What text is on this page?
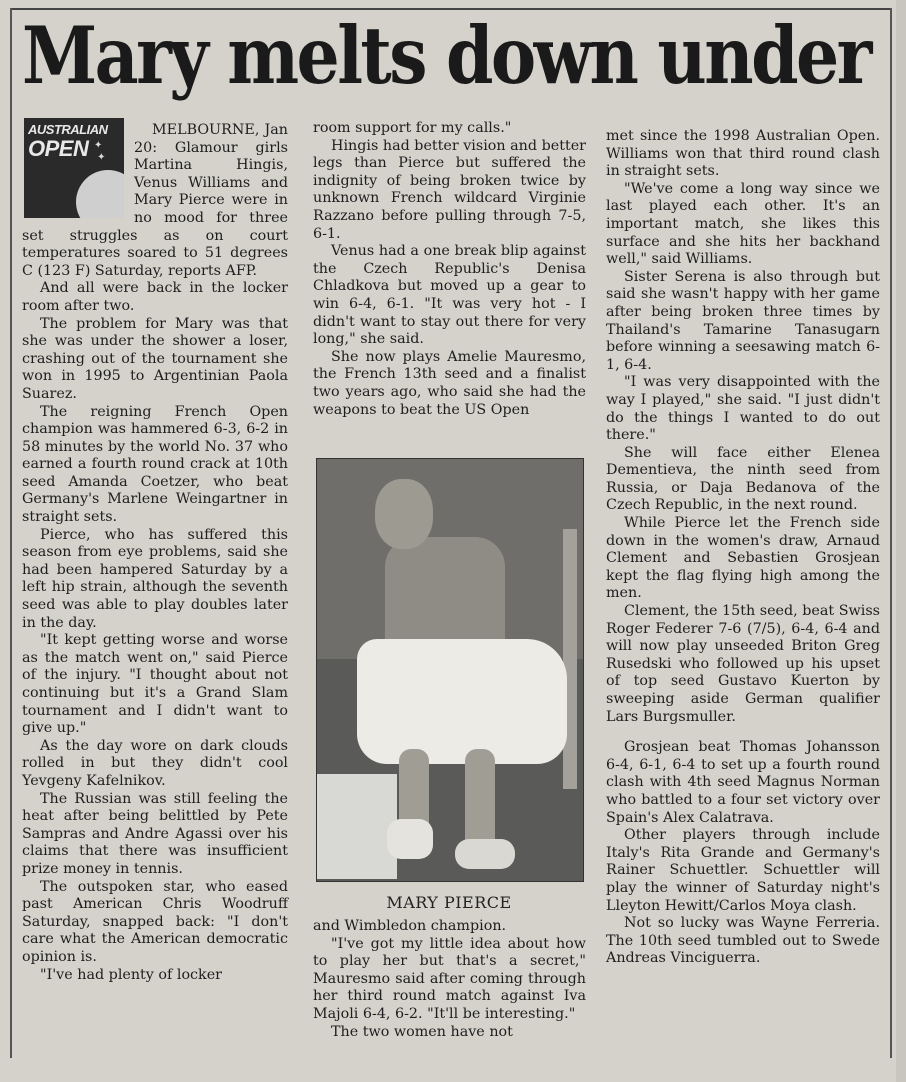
Mary melts down under
AUSTRALIAN
OPEN ✦
✦

MELBOURNE, Jan 20: Glamour girls Martina Hingis, Venus Williams and Mary Pierce were in no mood for three set struggles as on court temperatures soared to 51 degrees C (123 F) Saturday, reports AFP.

And all were back in the locker room after two.

The problem for Mary was that she was under the shower a loser, crashing out of the tournament she won in 1995 to Argentinian Paola Suarez.

The reigning French Open champion was hammered 6-3, 6-2 in 58 minutes by the world No. 37 who earned a fourth round crack at 10th seed Amanda Coetzer, who beat Germany's Marlene Weingartner in straight sets.

Pierce, who has suffered this season from eye problems, said she had been hampered Saturday by a left hip strain, although the seventh seed was able to play doubles later in the day.

"It kept getting worse and worse as the match went on," said Pierce of the injury. "I thought about not continuing but it's a Grand Slam tournament and I didn't want to give up."

As the day wore on dark clouds rolled in but they didn't cool Yevgeny Kafelnikov.

The Russian was still feeling the heat after being belittled by Pete Sampras and Andre Agassi over his claims that there was insufficient prize money in tennis.

The outspoken star, who eased past American Chris Woodruff Saturday, snapped back: "I don't care what the American democratic opinion is.

"I've had plenty of locker

room support for my calls."

Hingis had better vision and better legs than Pierce but suffered the indignity of being broken twice by unknown French wildcard Virginie Razzano before pulling through 7-5, 6-1.

Venus had a one break blip against the Czech Republic's Denisa Chladkova but moved up a gear to win 6-4, 6-1. "It was very hot - I didn't want to stay out there for very long," she said.

She now plays Amelie Mauresmo, the French 13th seed and a finalist two years ago, who said she had the weapons to beat the US Open

MARY PIERCE

and Wimbledon champion.

"I've got my little idea about how to play her but that's a secret," Mauresmo said after coming through her third round match against Iva Majoli 6-4, 6-2. "It'll be interesting."

The two women have not

met since the 1998 Australian Open. Williams won that third round clash in straight sets.

"We've come a long way since we last played each other. It's an important match, she likes this surface and she hits her backhand well," said Williams.

Sister Serena is also through but said she wasn't happy with her game after being broken three times by Thailand's Tamarine Tanasugarn before winning a seesawing match 6-1, 6-4.

"I was very disappointed with the way I played," she said. "I just didn't do the things I wanted to do out there."

She will face either Elenea Dementieva, the ninth seed from Russia, or Daja Bedanova of the Czech Republic, in the next round.

While Pierce let the French side down in the women's draw, Arnaud Clement and Sebastien Grosjean kept the flag flying high among the men.

Clement, the 15th seed, beat Swiss Roger Federer 7-6 (7/5), 6-4, 6-4 and will now play unseeded Briton Greg Rusedski who followed up his upset of top seed Gustavo Kuerton by sweeping aside German qualifier Lars Burgsmuller.

Grosjean beat Thomas Johansson 6-4, 6-1, 6-4 to set up a fourth round clash with 4th seed Magnus Norman who battled to a four set victory over Spain's Alex Calatrava.

Other players through include Italy's Rita Grande and Germany's Rainer Schuettler. Schuettler will play the winner of Saturday night's Lleyton Hewitt/Carlos Moya clash.

Not so lucky was Wayne Ferreria. The 10th seed tumbled out to Swede Andreas Vinciguerra.
